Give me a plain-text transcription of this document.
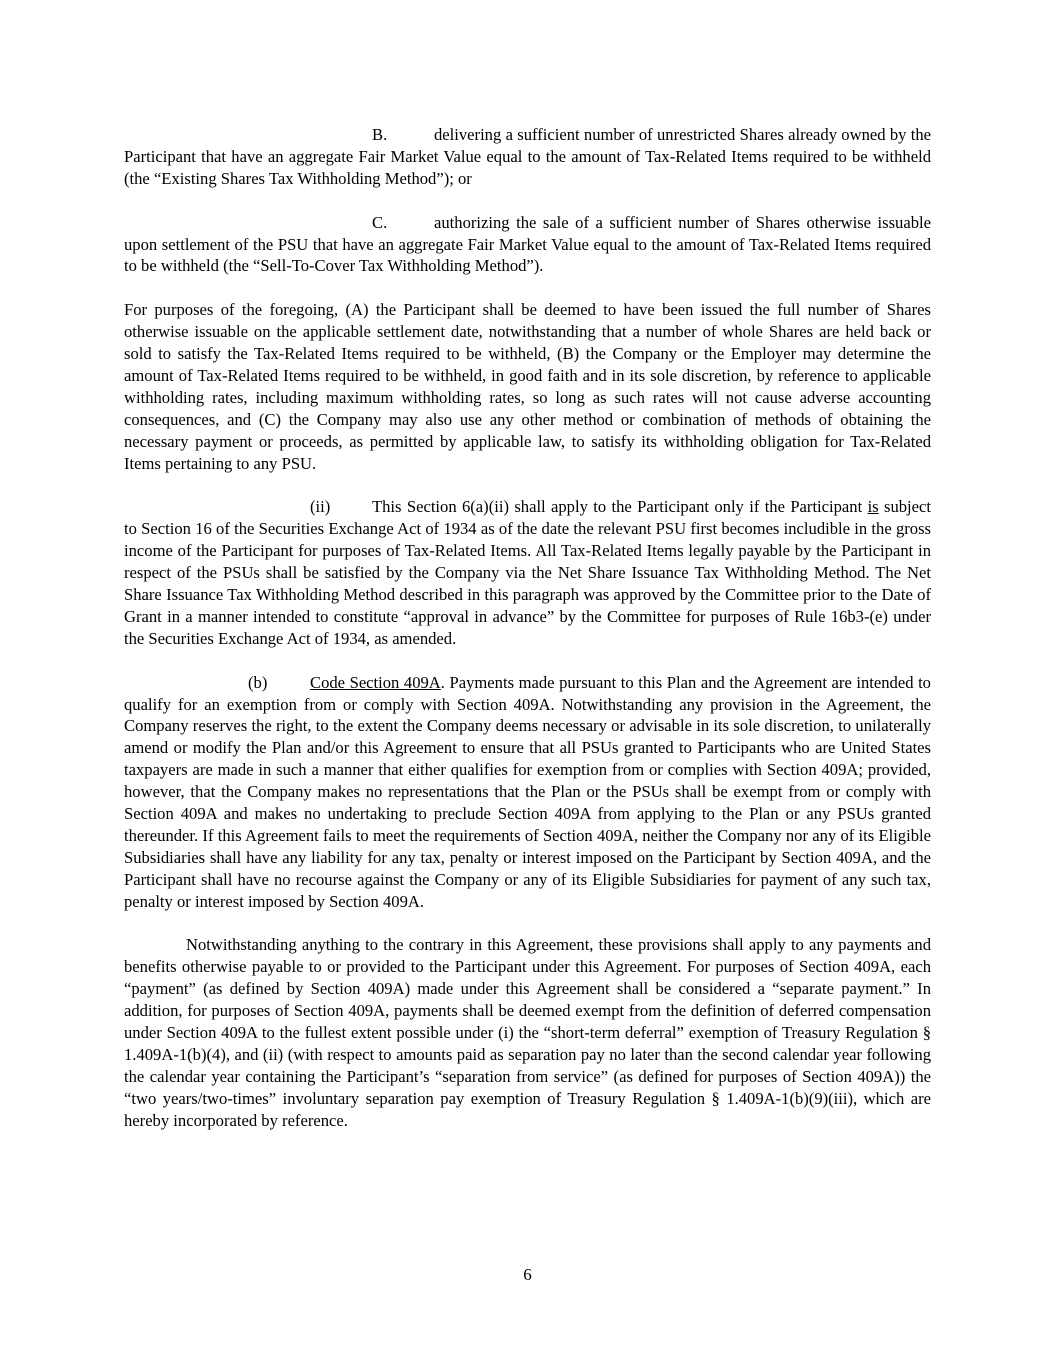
B.	delivering a sufficient number of unrestricted Shares already owned by the Participant that have an aggregate Fair Market Value equal to the amount of Tax-Related Items required to be withheld (the “Existing Shares Tax Withholding Method”); or

C.	authorizing the sale of a sufficient number of Shares otherwise issuable upon settlement of the PSU that have an aggregate Fair Market Value equal to the amount of Tax-Related Items required to be withheld (the “Sell-To-Cover Tax Withholding Method”).

For purposes of the foregoing, (A) the Participant shall be deemed to have been issued the full number of Shares otherwise issuable on the applicable settlement date, notwithstanding that a number of whole Shares are held back or sold to satisfy the Tax-Related Items required to be withheld, (B) the Company or the Employer may determine the amount of Tax-Related Items required to be withheld, in good faith and in its sole discretion, by reference to applicable withholding rates, including maximum withholding rates, so long as such rates will not cause adverse accounting consequences, and (C) the Company may also use any other method or combination of methods of obtaining the necessary payment or proceeds, as permitted by applicable law, to satisfy its withholding obligation for Tax-Related Items pertaining to any PSU.

(ii)	This Section 6(a)(ii) shall apply to the Participant only if the Participant is subject to Section 16 of the Securities Exchange Act of 1934 as of the date the relevant PSU first becomes includible in the gross income of the Participant for purposes of Tax-Related Items. All Tax-Related Items legally payable by the Participant in respect of the PSUs shall be satisfied by the Company via the Net Share Issuance Tax Withholding Method. The Net Share Issuance Tax Withholding Method described in this paragraph was approved by the Committee prior to the Date of Grant in a manner intended to constitute “approval in advance” by the Committee for purposes of Rule 16b3-(e) under the Securities Exchange Act of 1934, as amended.

(b)	Code Section 409A. Payments made pursuant to this Plan and the Agreement are intended to qualify for an exemption from or comply with Section 409A. Notwithstanding any provision in the Agreement, the Company reserves the right, to the extent the Company deems necessary or advisable in its sole discretion, to unilaterally amend or modify the Plan and/or this Agreement to ensure that all PSUs granted to Participants who are United States taxpayers are made in such a manner that either qualifies for exemption from or complies with Section 409A; provided, however, that the Company makes no representations that the Plan or the PSUs shall be exempt from or comply with Section 409A and makes no undertaking to preclude Section 409A from applying to the Plan or any PSUs granted thereunder. If this Agreement fails to meet the requirements of Section 409A, neither the Company nor any of its Eligible Subsidiaries shall have any liability for any tax, penalty or interest imposed on the Participant by Section 409A, and the Participant shall have no recourse against the Company or any of its Eligible Subsidiaries for payment of any such tax, penalty or interest imposed by Section 409A.

Notwithstanding anything to the contrary in this Agreement, these provisions shall apply to any payments and benefits otherwise payable to or provided to the Participant under this Agreement. For purposes of Section 409A, each “payment” (as defined by Section 409A) made under this Agreement shall be considered a “separate payment.” In addition, for purposes of Section 409A, payments shall be deemed exempt from the definition of deferred compensation under Section 409A to the fullest extent possible under (i) the “short-term deferral” exemption of Treasury Regulation § 1.409A-1(b)(4), and (ii) (with respect to amounts paid as separation pay no later than the second calendar year following the calendar year containing the Participant’s “separation from service” (as defined for purposes of Section 409A)) the “two years/two-times” involuntary separation pay exemption of Treasury Regulation § 1.409A-1(b)(9)(iii), which are hereby incorporated by reference.

6
